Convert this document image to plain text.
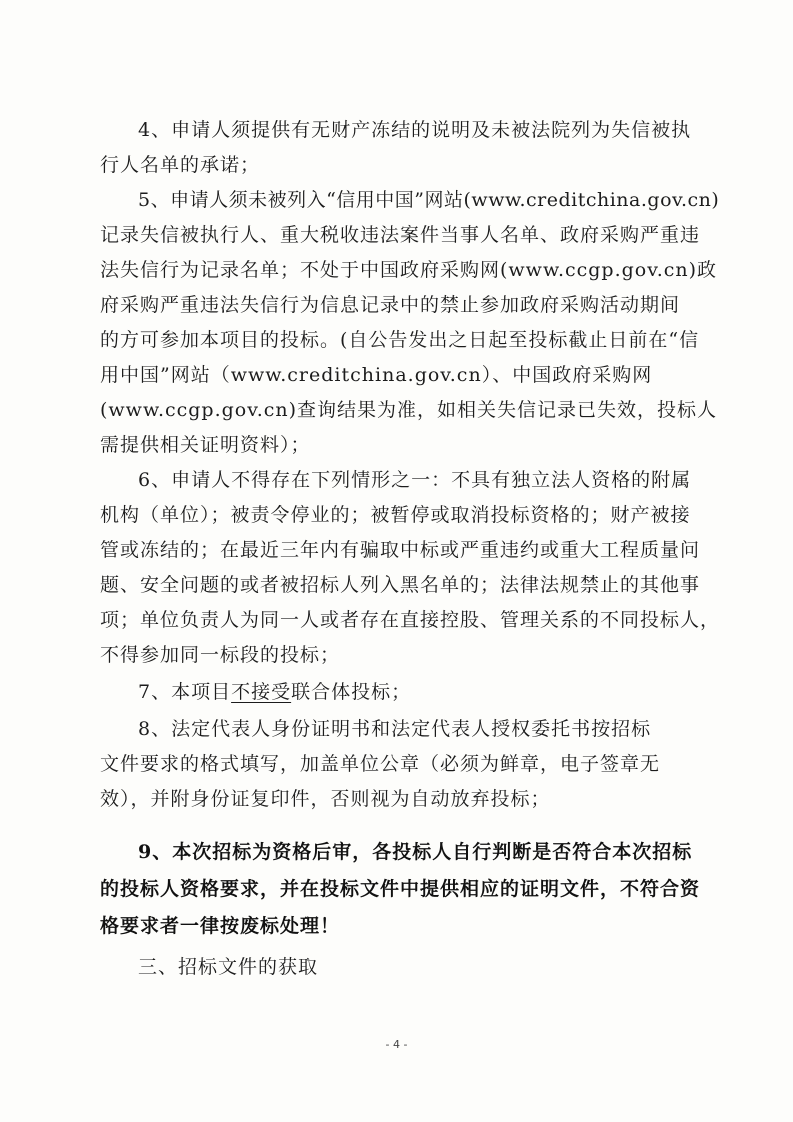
4、申请人须提供有无财产冻结的说明及未被法院列为失信被执
行人名单的承诺；
5、申请人须未被列入“信用中国”网站(www.creditchina.gov.cn)
记录失信被执行人、重大税收违法案件当事人名单、政府采购严重违
法失信行为记录名单；不处于中国政府采购网(www.ccgp.gov.cn)政
府采购严重违法失信行为信息记录中的禁止参加政府采购活动期间
的方可参加本项目的投标。(自公告发出之日起至投标截止日前在“信
用中国”网站（www.creditchina.gov.cn）、中国政府采购网
(www.ccgp.gov.cn)查询结果为准，如相关失信记录已失效，投标人
需提供相关证明资料）；
6、申请人不得存在下列情形之一：不具有独立法人资格的附属
机构（单位）；被责令停业的；被暂停或取消投标资格的；财产被接
管或冻结的；在最近三年内有骗取中标或严重违约或重大工程质量问
题、安全问题的或者被招标人列入黑名单的；法律法规禁止的其他事
项；单位负责人为同一人或者存在直接控股、管理关系的不同投标人，
不得参加同一标段的投标；
7、本项目不接受联合体投标；
8、法定代表人身份证明书和法定代表人授权委托书按招标
文件要求的格式填写，加盖单位公章（必须为鲜章，电子签章无
效），并附身份证复印件，否则视为自动放弃投标；
9、本次招标为资格后审，各投标人自行判断是否符合本次招标
的投标人资格要求，并在投标文件中提供相应的证明文件，不符合资
格要求者一律按废标处理！
三、招标文件的获取
- 4 -
